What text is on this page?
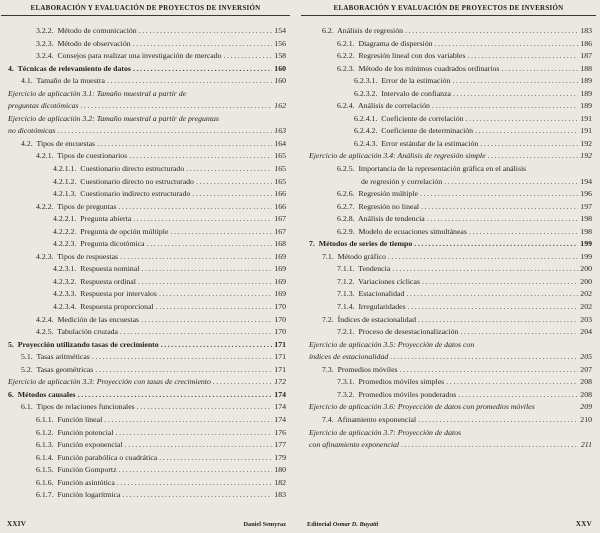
ELABORACIÓN Y EVALUACIÓN DE PROYECTOS DE INVERSIÓN
3.2.2.  Método de comunicación .....	154
3.2.3.  Método de observación .....	156
3.2.4.  Consejos para realizar una investigación de mercado .....	158
4.  Técnicas de relevamiento de datos .....	160
4.1.  Tamaño de la muestra .....	160
Ejercicio de aplicación 3.1: Tamaño muestral a partir de
preguntas dicotómicas .....	162
Ejercicio de aplicación 3.2: Tamaño muestral a partir de preguntas
no dicotómicas .....	163
4.2.  Tipos de encuestas .....	164
4.2.1.  Tipos de cuestionarios .....	165
4.2.1.1.  Cuestionario directo estructurado .....	165
4.2.1.2.  Cuestionario directo no estructurado .....	165
4.2.1.3.  Cuestionario indirecto estructurado .....	166
4.2.2.  Tipos de preguntas .....	166
4.2.2.1.  Pregunta abierta .....	167
4.2.2.2.  Pregunta de opción múltiple .....	167
4.2.2.3.  Pregunta dicotómica .....	168
4.2.3.  Tipos de respuestas .....	169
4.2.3.1.  Respuesta nominal .....	169
4.2.3.2.  Respuesta ordinal .....	169
4.2.3.3.  Respuesta por intervalos .....	169
4.2.3.4.  Respuesta proporcional .....	170
4.2.4.  Medición de las encuestas .....	170
4.2.5.  Tabulación cruzada .....	170
5.  Proyección utilizando tasas de crecimiento .....	171
5.1.  Tasas aritméticas .....	171
5.2.  Tasas geométricas .....	171
Ejercicio de aplicación 3.3: Proyección con tasas de crecimiento .....	172
6.  Métodos causales .....	174
6.1.  Tipos de relaciones funcionales .....	174
6.1.1.  Función lineal .....	174
6.1.2.  Función potencial .....	176
6.1.3.  Función exponencial .....	177
6.1.4.  Función parabólica o cuadrática .....	179
6.1.5.  Función Gomportz .....	180
6.1.6.  Función asintótica .....	182
6.1.7.  Función logarítmica .....	183
XXIV	Daniel Semyraz
ELABORACIÓN Y EVALUACIÓN DE PROYECTOS DE INVERSIÓN
6.2.  Análisis de regresión .....	183
6.2.1.  Diagrama de dispersión .....	186
6.2.2.  Regresión lineal con dos variables .....	187
6.2.3.  Método de los mínimos cuadrados ordinarios .....	188
6.2.3.1.  Error de la estimación .....	189
6.2.3.2.  Intervalo de confianza .....	189
6.2.4.  Análisis de correlación .....	189
6.2.4.1.  Coeficiente de correlación .....	191
6.2.4.2.  Coeficiente de determinación .....	191
6.2.4.3.  Error estándar de la estimación .....	192
Ejercicio de aplicación 3.4: Análisis de regresión simple .....	192
6.2.5.  Importancia de la representación gráfica en el análisis
de regresión y correlación .....	194
6.2.6.  Regresión múltiple .....	196
6.2.7.  Regresión no lineal .....	197
6.2.8.  Análisis de tendencia .....	198
6.2.9.  Modelo de ecuaciones simultáneas .....	198
7.  Métodos de series de tiempo .....	199
7.1.  Método gráfico .....	199
7.1.1.  Tendencia .....	200
7.1.2.  Variaciones cíclicas .....	200
7.1.3.  Estacionalidad .....	202
7.1.4.  Irregularidades .....	202
7.2.  Índices de estacionalidad .....	203
7.2.1.  Proceso de desestacionalización .....	204
Ejercicio de aplicación 3.5: Proyección de datos con
índices de estacionalidad .....	205
7.3.  Promedios móviles .....	207
7.3.1.  Promedios móviles simples .....	208
7.3.2.  Promedios móviles ponderados .....	208
Ejercicio de aplicación 3.6: Proyección de datos con promedios móviles	209
7.4.  Afinamiento exponencial .....	210
Ejercicio de aplicación 3.7: Proyección de datos
con afinamiento exponencial .....	211
Editorial Osmar D. Buyatti	XXV
